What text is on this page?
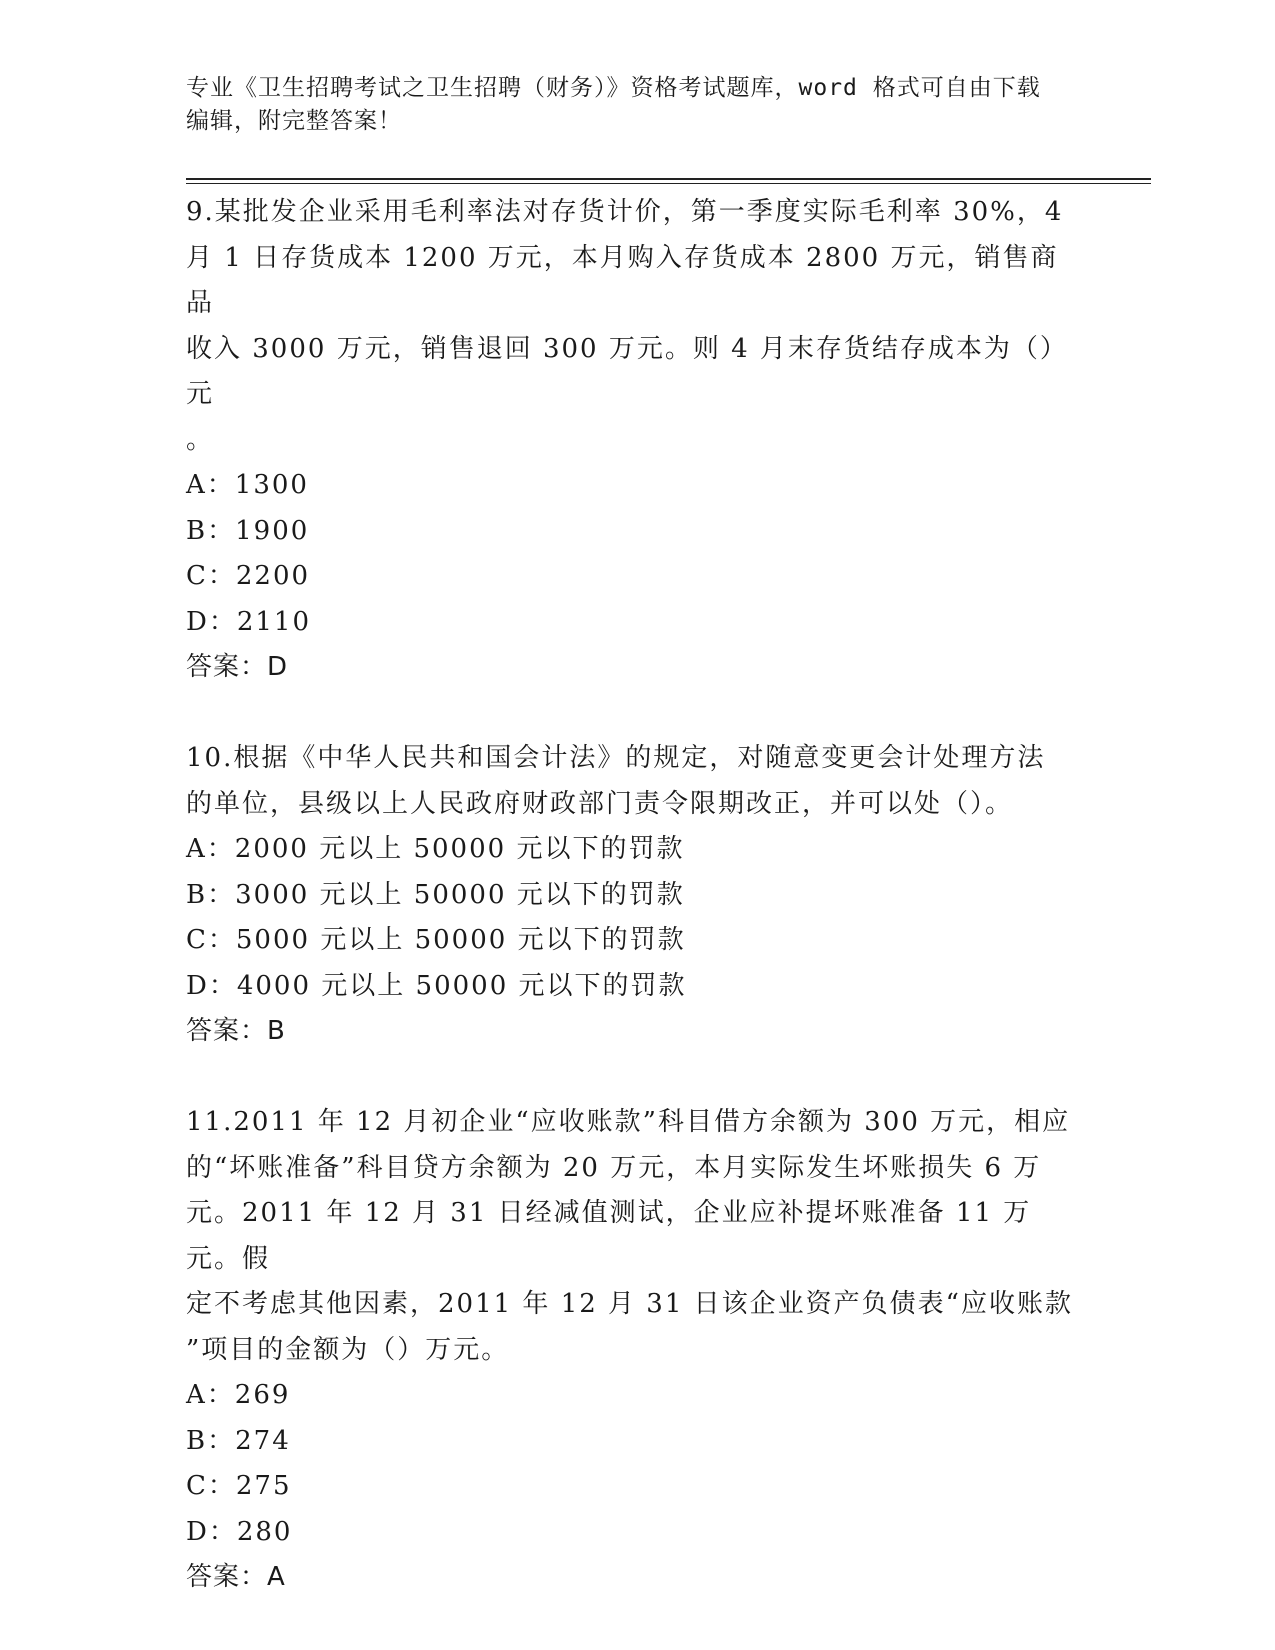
专业《卫生招聘考试之卫生招聘（财务）》资格考试题库，word 格式可自由下载
编辑，附完整答案！

9.某批发企业采用毛利率法对存货计价，第一季度实际毛利率 30%，4

月 1 日存货成本 1200 万元，本月购入存货成本 2800 万元，销售商品

收入 3000 万元，销售退回 300 万元。则 4 月末存货结存成本为（）元

。

A：1300

B：1900

C：2200

D：2110

答案：D

10.根据《中华人民共和国会计法》的规定，对随意变更会计处理方法

的单位，县级以上人民政府财政部门责令限期改正，并可以处（）。

A：2000 元以上 50000 元以下的罚款

B：3000 元以上 50000 元以下的罚款

C：5000 元以上 50000 元以下的罚款

D：4000 元以上 50000 元以下的罚款

答案：B

11.2011 年 12 月初企业“应收账款”科目借方余额为 300 万元，相应

的“坏账准备”科目贷方余额为 20 万元，本月实际发生坏账损失 6 万

元。2011 年 12 月 31 日经减值测试，企业应补提坏账准备 11 万元。假

定不考虑其他因素，2011 年 12 月 31 日该企业资产负债表“应收账款

”项目的金额为（）万元。

A：269

B：274

C：275

D：280

答案：A
